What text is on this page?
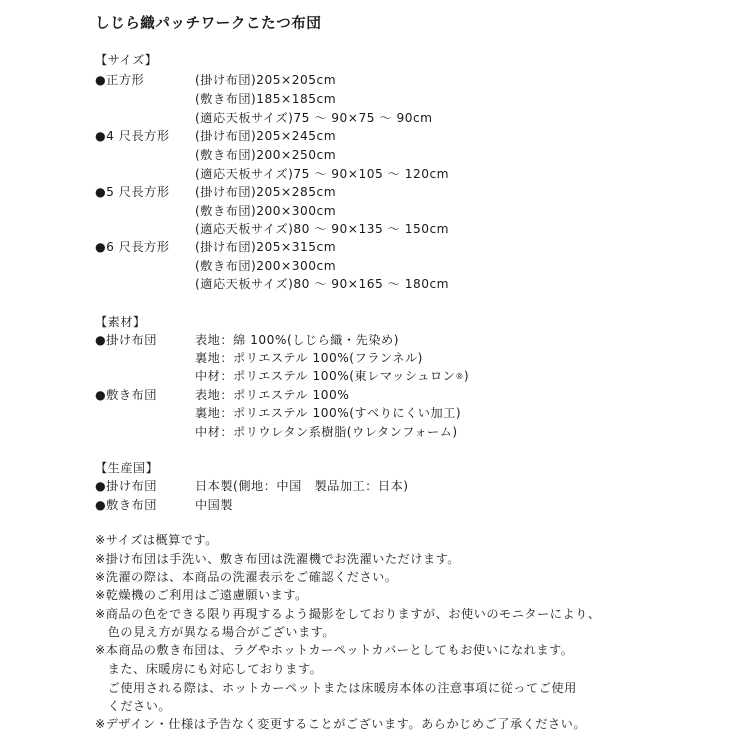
しじら織パッチワークこたつ布団
【サイズ】
●正方形	(掛け布団)205×205cm
(敷き布団)185×185cm
(適応天板サイズ)75 ～ 90×75 ～ 90cm
●4 尺長方形 (掛け布団)205×245cm
(敷き布団)200×250cm
(適応天板サイズ)75 ～ 90×105 ～ 120cm
●5 尺長方形 (掛け布団)205×285cm
(敷き布団)200×300cm
(適応天板サイズ)80 ～ 90×135 ～ 150cm
●6 尺長方形 (掛け布団)205×315cm
(敷き布団)200×300cm
(適応天板サイズ)80 ～ 90×165 ～ 180cm
【素材】
●掛け布団	表地：綿 100%(しじら織・先染め)
裏地：ポリエステル 100%(フランネル)
中材：ポリエステル 100%(東レマッシュロン®)
●敷き布団	表地：ポリエステル 100%
裏地：ポリエステル 100%(すべりにくい加工)
中材：ポリウレタン系樹脂(ウレタンフォーム)
【生産国】
●掛け布団	日本製(側地：中国　製品加工：日本)
●敷き布団	中国製
※サイズは概算です。
※掛け布団は手洗い、敷き布団は洗濯機でお洗濯いただけます。
※洗濯の際は、本商品の洗濯表示をご確認ください。
※乾燥機のご利用はご遠慮願います。
※商品の色をできる限り再現するよう撮影をしておりますが、お使いのモニターにより、
　色の見え方が異なる場合がございます。
※本商品の敷き布団は、ラグやホットカーペットカバーとしてもお使いになれます。
　また、床暖房にも対応しております。
　ご使用される際は、ホットカーペットまたは床暖房本体の注意事項に従ってご使用
　ください。
※デザイン・仕様は予告なく変更することがございます。あらかじめご了承ください。
